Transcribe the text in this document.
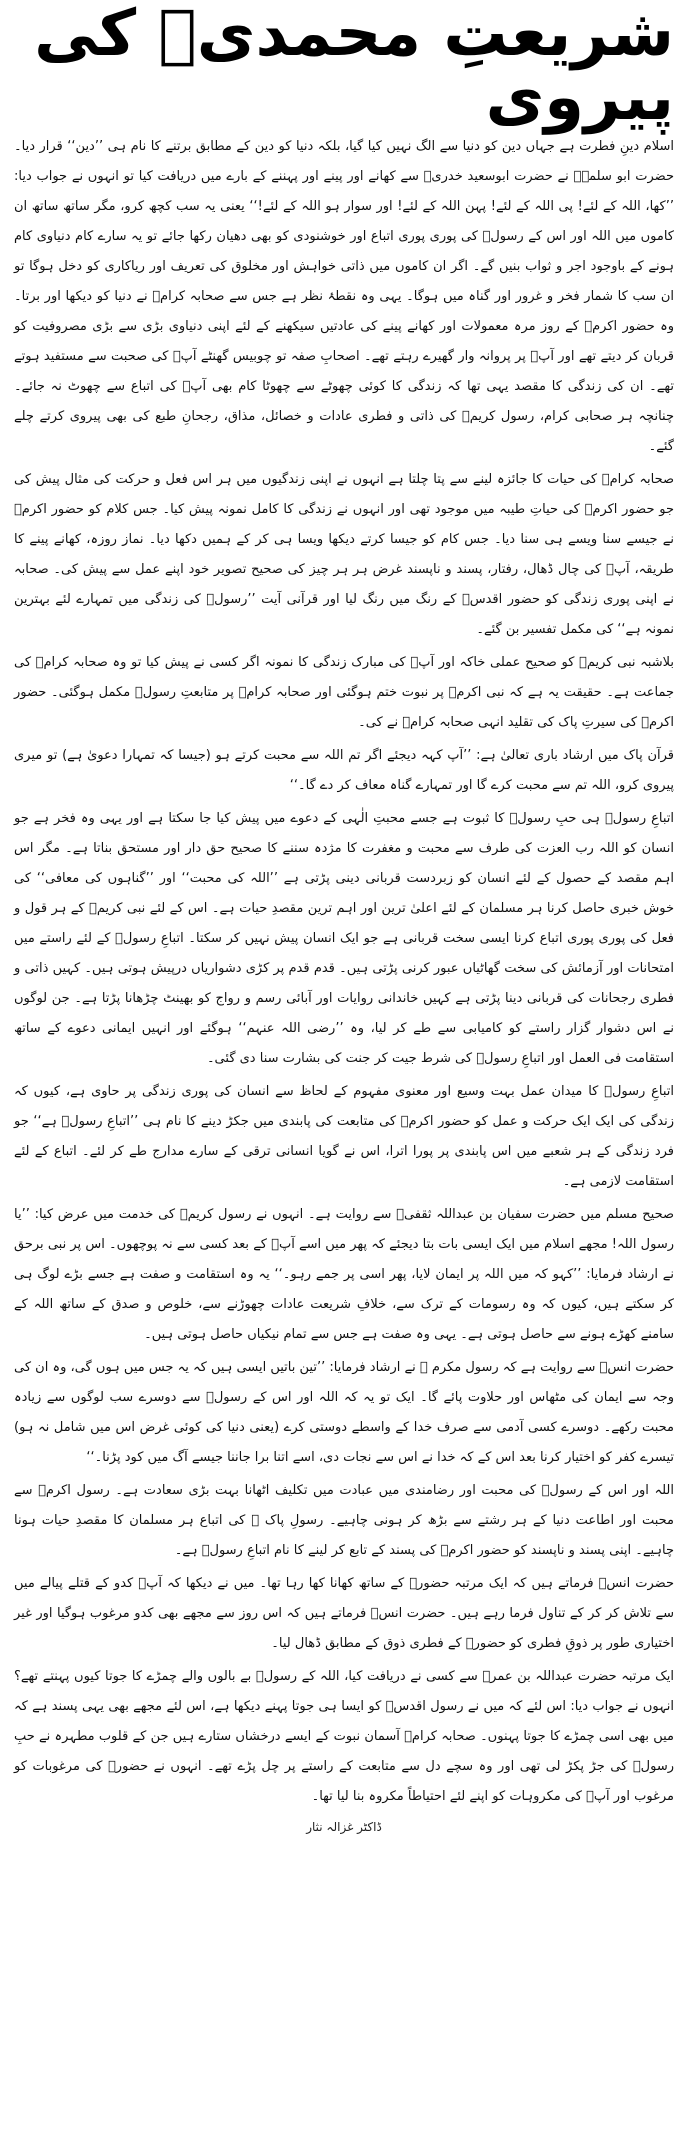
شریعتِ محمدیؐ کی پیروی

اسلام دینِ فطرت ہے جہاں دین کو دنیا سے الگ نہیں کیا گیا، بلکہ دنیا کو دین کے مطابق برتنے کا نام ہی ’’دین‘‘ قرار دیا۔ حضرت ابو سلمہؓ نے حضرت ابوسعید خدریؓ سے کھانے اور پینے اور پہننے کے بارے میں دریافت کیا تو انہوں نے جواب دیا: ’’کھا، اللہ کے لئے! پی اللہ کے لئے! پہن اللہ کے لئے! اور سوار ہو اللہ کے لئے!‘‘ یعنی یہ سب کچھ کرو، مگر ساتھ ساتھ ان کاموں میں اللہ اور اس کے رسولؐ کی پوری پوری اتباع اور خوشنودی کو بھی دھیان رکھا جائے تو یہ سارے کام دنیاوی کام ہونے کے باوجود اجر و ثواب بنیں گے۔ اگر ان کاموں میں ذاتی خواہش اور مخلوق کی تعریف اور ریاکاری کو دخل ہوگا تو ان سب کا شمار فخر و غرور اور گناہ میں ہوگا۔ یہی وہ نقطۂ نظر ہے جس سے صحابہ کرامؓ نے دنیا کو دیکھا اور برتا۔ وہ حضور اکرمؐ کے روز مرہ معمولات اور کھانے پینے کی عادتیں سیکھنے کے لئے اپنی دنیاوی بڑی سے بڑی مصروفیت کو قربان کر دیتے تھے اور آپؐ پر پروانہ وار گھیرے رہتے تھے۔ اصحابِ صفہ تو چوبیس گھنٹے آپؐ کی صحبت سے مستفید ہوتے تھے۔ ان کی زندگی کا مقصد یہی تھا کہ زندگی کا کوئی چھوٹے سے چھوٹا کام بھی آپؐ کی اتباع سے چھوٹ نہ جائے۔ چنانچہ ہر صحابی کرام، رسول کریمؐ کی ذاتی و فطری عادات و خصائل، مذاق، رجحانِ طبع کی بھی پیروی کرتے چلے گئے۔

صحابہ کرامؓ کی حیات کا جائزہ لینے سے پتا چلتا ہے انہوں نے اپنی زندگیوں میں ہر اس فعل و حرکت کی مثال پیش کی جو حضور اکرمؐ کی حیاتِ طیبہ میں موجود تھی اور انہوں نے زندگی کا کامل نمونہ پیش کیا۔ جس کلام کو حضور اکرمؐ نے جیسے سنا ویسے ہی سنا دیا۔ جس کام کو جیسا کرتے دیکھا ویسا ہی کر کے ہمیں دکھا دیا۔ نماز روزہ، کھانے پینے کا طریقہ، آپؐ کی چال ڈھال، رفتار، پسند و ناپسند غرض ہر ہر چیز کی صحیح تصویر خود اپنے عمل سے پیش کی۔ صحابہ نے اپنی پوری زندگی کو حضور اقدسؐ کے رنگ میں رنگ لیا اور قرآنی آیت ’’رسولؐ کی زندگی میں تمہارے لئے بہترین نمونہ ہے‘‘ کی مکمل تفسیر بن گئے۔

بلاشبہ نبی کریمؐ کو صحیح عملی خاکہ اور آپؐ کی مبارک زندگی کا نمونہ اگر کسی نے پیش کیا تو وہ صحابہ کرامؓ کی جماعت ہے۔ حقیقت یہ ہے کہ نبی اکرمؐ پر نبوت ختم ہوگئی اور صحابہ کرامؓ پر متابعتِ رسولؐ مکمل ہوگئی۔ حضور اکرمؐ کی سیرتِ پاک کی تقلید انہی صحابہ کرامؓ نے کی۔

قرآن پاک میں ارشاد باری تعالیٰ ہے: ’’آپ کہہ دیجئے اگر تم اللہ سے محبت کرتے ہو (جیسا کہ تمہارا دعویٰ ہے) تو میری پیروی کرو، اللہ تم سے محبت کرے گا اور تمہارے گناہ معاف کر دے گا۔‘‘

اتباعِ رسولؐ ہی حبِ رسولؐ کا ثبوت ہے جسے محبتِ الٰہی کے دعوے میں پیش کیا جا سکتا ہے اور یہی وہ فخر ہے جو انسان کو اللہ رب العزت کی طرف سے محبت و مغفرت کا مژدہ سننے کا صحیح حق دار اور مستحق بناتا ہے۔ مگر اس اہم مقصد کے حصول کے لئے انسان کو زبردست قربانی دینی پڑتی ہے ’’اللہ کی محبت‘‘ اور ’’گناہوں کی معافی‘‘ کی خوش خبری حاصل کرنا ہر مسلمان کے لئے اعلیٰ ترین اور اہم ترین مقصدِ حیات ہے۔ اس کے لئے نبی کریمؐ کے ہر قول و فعل کی پوری پوری اتباع کرنا ایسی سخت قربانی ہے جو ایک انسان پیش نہیں کر سکتا۔ اتباعِ رسولؐ کے لئے راستے میں امتحانات اور آزمائش کی سخت گھاٹیاں عبور کرنی پڑتی ہیں۔ قدم قدم پر کڑی دشواریاں درپیش ہوتی ہیں۔ کہیں ذاتی و فطری رجحانات کی قربانی دینا پڑتی ہے کہیں خاندانی روایات اور آبائی رسم و رواج کو بھینٹ چڑھانا پڑتا ہے۔ جن لوگوں نے اس دشوار گزار راستے کو کامیابی سے طے کر لیا، وہ ’’رضی اللہ عنہم‘‘ ہوگئے اور انہیں ایمانی دعوے کے ساتھ استقامت فی العمل اور اتباعِ رسولؐ کی شرط جیت کر جنت کی بشارت سنا دی گئی۔

اتباعِ رسولؐ کا میدان عمل بہت وسیع اور معنوی مفہوم کے لحاظ سے انسان کی پوری زندگی پر حاوی ہے، کیوں کہ زندگی کی ایک ایک حرکت و عمل کو حضور اکرمؐ کی متابعت کی پابندی میں جکڑ دینے کا نام ہی ’’اتباعِ رسولؐ ہے‘‘ جو فرد زندگی کے ہر شعبے میں اس پابندی پر پورا اترا، اس نے گویا انسانی ترقی کے سارے مدارج طے کر لئے۔ اتباع کے لئے استقامت لازمی ہے۔

صحیح مسلم میں حضرت سفیان بن عبداللہ ثقفیؓ سے روایت ہے۔ انہوں نے رسول کریمؐ کی خدمت میں عرض کیا: ’’یا رسول اللہ! مجھے اسلام میں ایک ایسی بات بتا دیجئے کہ پھر میں اسے آپؐ کے بعد کسی سے نہ پوچھوں۔ اس پر نبی برحق نے ارشاد فرمایا: ’’کہو کہ میں اللہ پر ایمان لایا، پھر اسی پر جمے رہو۔‘‘ یہ وہ استقامت و صفت ہے جسے بڑے لوگ ہی کر سکتے ہیں، کیوں کہ وہ رسومات کے ترک سے، خلافِ شریعت عادات چھوڑنے سے، خلوص و صدق کے ساتھ اللہ کے سامنے کھڑے ہونے سے حاصل ہوتی ہے۔ یہی وہ صفت ہے جس سے تمام نیکیاں حاصل ہوتی ہیں۔

حضرت انسؓ سے روایت ہے کہ رسول مکرم ﷺ نے ارشاد فرمایا: ’’تین باتیں ایسی ہیں کہ یہ جس میں ہوں گی، وہ ان کی وجہ سے ایمان کی مٹھاس اور حلاوت پائے گا۔ ایک تو یہ کہ اللہ اور اس کے رسولؐ سے دوسرے سب لوگوں سے زیادہ محبت رکھے۔ دوسرے کسی آدمی سے صرف خدا کے واسطے دوستی کرے (یعنی دنیا کی کوئی غرض اس میں شامل نہ ہو) تیسرے کفر کو اختیار کرنا بعد اس کے کہ خدا نے اس سے نجات دی، اسے اتنا برا جاننا جیسے آگ میں کود پڑنا۔‘‘

اللہ اور اس کے رسولؐ کی محبت اور رضامندی میں عبادت میں تکلیف اٹھانا بہت بڑی سعادت ہے۔ رسول اکرمؐ سے محبت اور اطاعت دنیا کے ہر رشتے سے بڑھ کر ہونی چاہیے۔ رسولِ پاک ﷺ کی اتباع ہر مسلمان کا مقصدِ حیات ہونا چاہیے۔ اپنی پسند و ناپسند کو حضور اکرمؐ کی پسند کے تابع کر لینے کا نام اتباعِ رسولؐ ہے۔

حضرت انسؓ فرماتے ہیں کہ ایک مرتبہ حضورؐ کے ساتھ کھانا کھا رہا تھا۔ میں نے دیکھا کہ آپؐ کدو کے قتلے پیالے میں سے تلاش کر کر کے تناول فرما رہے ہیں۔ حضرت انسؓ فرماتے ہیں کہ اس روز سے مجھے بھی کدو مرغوب ہوگیا اور غیر اختیاری طور پر ذوقِ فطری کو حضورؐ کے فطری ذوق کے مطابق ڈھال لیا۔

ایک مرتبہ حضرت عبداللہ بن عمرؓ سے کسی نے دریافت کیا، اللہ کے رسولؐ بے بالوں والے چمڑے کا جوتا کیوں پہنتے تھے؟ انہوں نے جواب دیا: اس لئے کہ میں نے رسول اقدسؐ کو ایسا ہی جوتا پہنے دیکھا ہے، اس لئے مجھے بھی یہی پسند ہے کہ میں بھی اسی چمڑے کا جوتا پہنوں۔ صحابہ کرامؓ آسمان نبوت کے ایسے درخشاں ستارے ہیں جن کے قلوب مطہرہ نے حبِ رسولؐ کی جڑ پکڑ لی تھی اور وہ سچے دل سے متابعت کے راستے پر چل پڑے تھے۔ انہوں نے حضورؐ کی مرغوبات کو مرغوب اور آپؐ کی مکروہات کو اپنے لئے احتیاطاً مکروہ بنا لیا تھا۔

ڈاکٹر غزالہ نثار
